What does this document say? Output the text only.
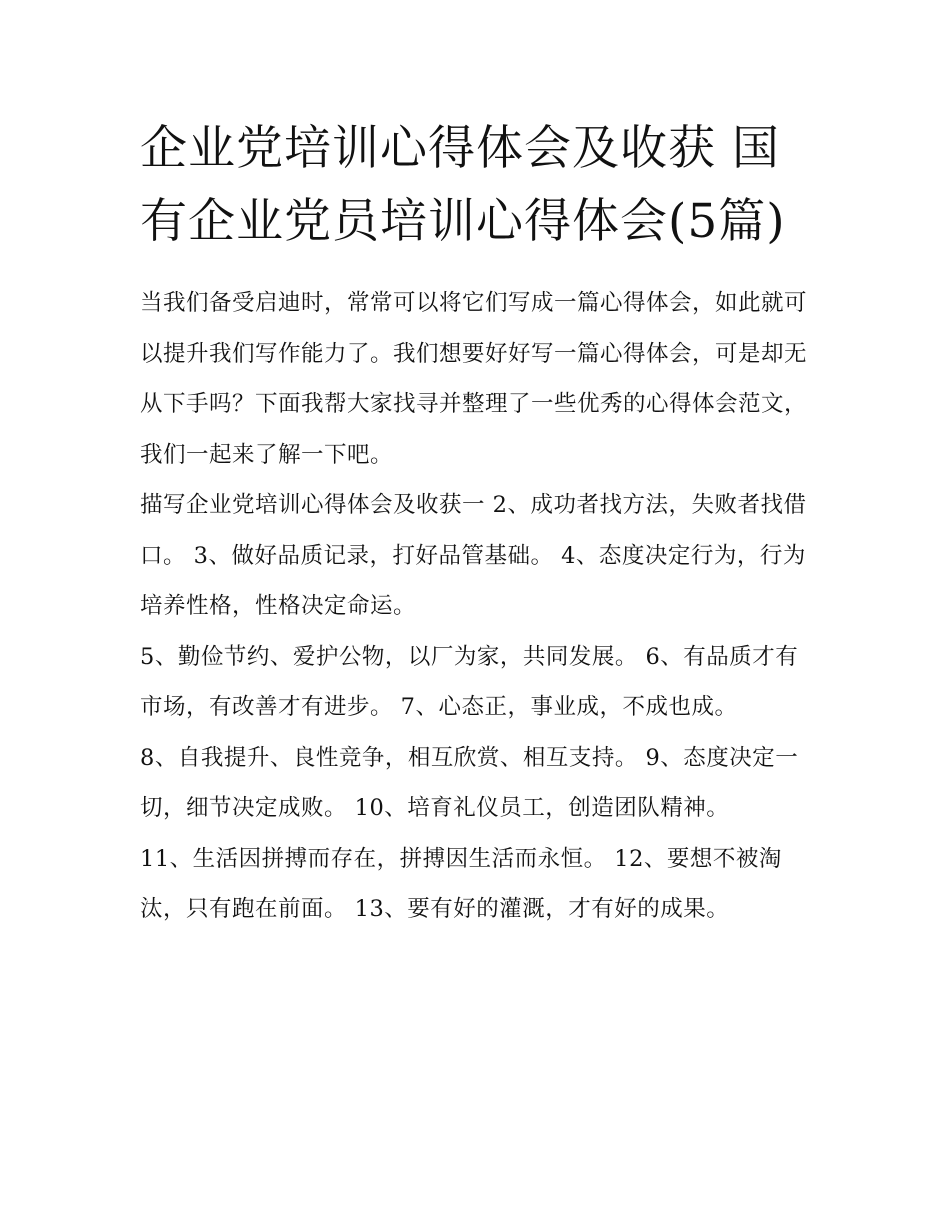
企业党培训心得体会及收获 国有企业党员培训心得体会(5篇)

当我们备受启迪时，常常可以将它们写成一篇心得体会，如此就可以提升我们写作能力了。我们想要好好写一篇心得体会，可是却无从下手吗？下面我帮大家找寻并整理了一些优秀的心得体会范文，我们一起来了解一下吧。

描写企业党培训心得体会及收获一 2、成功者找方法，失败者找借口。 3、做好品质记录，打好品管基础。 4、态度决定行为，行为培养性格，性格决定命运。

5、勤俭节约、爱护公物，以厂为家，共同发展。 6、有品质才有市场，有改善才有进步。 7、心态正，事业成，不成也成。

8、自我提升、良性竞争，相互欣赏、相互支持。 9、态度决定一切，细节决定成败。 10、培育礼仪员工，创造团队精神。

11、生活因拼搏而存在，拼搏因生活而永恒。 12、要想不被淘汰，只有跑在前面。 13、要有好的灌溉，才有好的成果。
